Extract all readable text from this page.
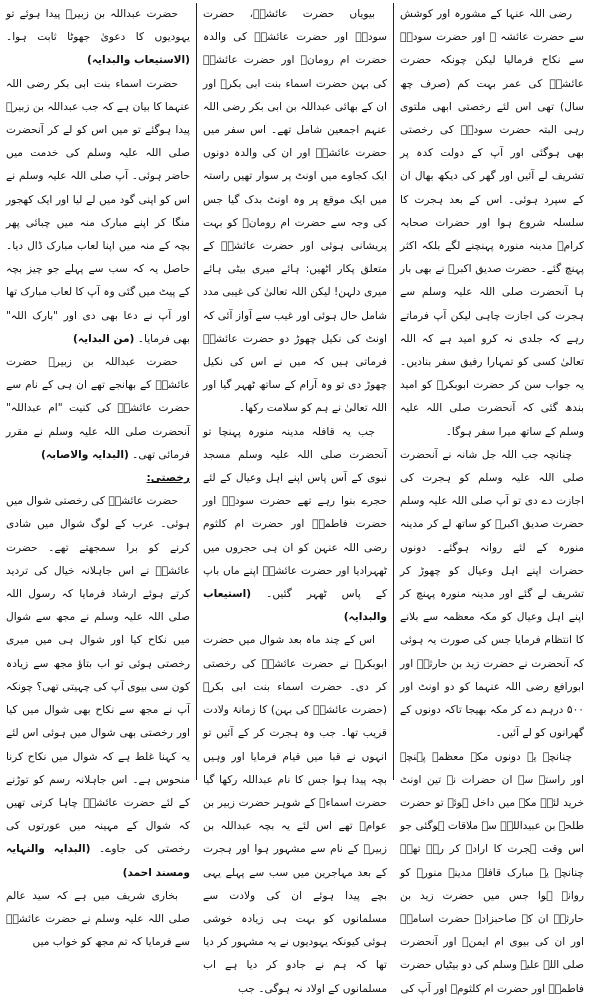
رضی اللہ عنہا کے مشورہ اور کوشش سے حضرت عائشہ ؓ اور حضرت سودہؓ سے نکاح فرمالیا لیکن چونکہ حضرت عائشہؓ کی عمر بہت کم (صرف چھ سال) تھی اس لئے رخصتی ابھی ملتوی رہی البتہ حضرت سودہؓ کی رخصتی بھی ہوگئی اور آپ کے دولت کدہ پر تشریف لے آئیں اور گھر کی دیکھ بھال ان کے سپرد ہوئی۔ اس کے بعد ہجرت کا سلسلہ شروع ہوا اور حضرات صحابہ کرامؓ مدینہ منورہ پہنچنے لگے بلکہ اکثر پہنچ گئے۔ حضرت صدیق اکبرؓ نے بھی بار ہا آنحضرت صلی اللہ علیہ وسلم سے ہجرت کی اجازت چاہی لیکن آپ فرماتے رہے کہ جلدی نہ کرو امید ہے کہ اللہ تعالیٰ کسی کو تمہارا رفیق سفر بنادیں۔ یہ جواب سن کر حضرت ابوبکرؓ کو امید بندھ گئی کہ آنحضرت صلی اللہ علیہ وسلم کے ساتھ میرا سفر ہوگا۔

چنانچہ جب اللہ جل شانہ نے آنحضرت صلی اللہ علیہ وسلم کو ہجرت کی اجازت دے دی تو آپ صلی اللہ علیہ وسلم حضرت صدیق اکبرؓ کو ساتھ لے کر مدینہ منورہ کے لئے روانہ ہوگئے۔ دونوں حضرات اپنے اہل وعیال کو چھوڑ کر تشریف لے گئے اور مدینہ منورہ پہنچ کر اپنے اہل وعیال کو مکہ معظمہ سے بلانے کا انتظام فرمایا جس کی صورت یہ ہوئی کہ آنحضرت نے حضرت زید بن حارثہؓ اور ابورافع رضی اللہ عنہما کو دو اونٹ اور ۵۰۰ درہم دے کر مکہ بھیجا تاکہ دونوں کے گھرانوں کو لے آئیں۔

چنانچہ یہ دونوں مکہ معظمہ پہنچے اور راستے سے ان حضرات نے تین اونٹ خرید لئے۔ مکہ میں داخل ہوئے تو حضرت طلحہ بن عبیداللہؓ سے ملاقات ہوگئی جو اس وقت ہجرت کا ارادہ کر رہے تھے۔ چنانچہ یہ مبارک قافلہ مدینہ منورہ کو روانہ ہوا جس میں حضرت زید بن حارثہؓ ان کے صاحبزادے حضرت اسامہؓ اور ان کی بیوی ام ایمنؓ اور آنحضرت صلی اللہ علیہ وسلم کی دو بیٹیاں حضرت فاطمہؓ اور حضرت ام کلثومؓ اور آپ کی

بیویاں حضرت عائشہؓ، حضرت سودہؓ اور حضرت عائشہؓ کی والدہ حضرت ام رومانؓ اور حضرت عائشہؓ کی بہن حضرت اسماء بنت ابی بکرؓ اور ان کے بھائی عبداللہ بن ابی بکر رضی اللہ عنہم اجمعین شامل تھے۔ اس سفر میں حضرت عائشہؓ اور ان کی والدہ دونوں ایک کجاوے میں اونٹ پر سوار تھیں راستہ میں ایک موقع پر وہ اونٹ بدک گیا جس کی وجہ سے حضرت ام رومانؓ کو بہت پریشانی ہوئی اور حضرت عائشہؓ کے متعلق پکار اٹھیں: ہائے میری بیٹی ہائے میری دلہن! لیکن اللہ تعالیٰ کی غیبی مدد شامل حال ہوئی اور غیب سے آواز آئی کہ اونٹ کی نکیل چھوڑ دو حضرت عائشہؓ فرماتی ہیں کہ میں نے اس کی نکیل چھوڑ دی تو وہ آرام کے ساتھ ٹھہر گیا اور اللہ تعالیٰ نے ہم کو سلامت رکھا۔

جب یہ قافلہ مدینہ منورہ پہنچا تو آنحضرت صلی اللہ علیہ وسلم مسجد نبوی کے آس پاس اپنے اہل وعیال کے لئے حجرے بنوا رہے تھے حضرت سودہؓ اور حضرت فاطمہؓ اور حضرت ام کلثوم رضی اللہ عنہن کو ان ہی حجروں میں ٹھہرادیا اور حضرت عائشہؓ اپنے ماں باپ کے پاس ٹھہر گئیں۔ (استیعاب والبدایہ)

اس کے چند ماہ بعد شوال میں حضرت ابوبکرؓ نے حضرت عائشہؓ کی رخصتی کر دی۔ حضرت اسماء بنت ابی بکرؓ (حضرت عائشہؓ کی بہن) کا زمانۂ ولادت قریب تھا۔ جب وہ ہجرت کر کے آئیں تو انہوں نے قبا میں قیام فرمایا اور وہیں بچہ پیدا ہوا جس کا نام عبداللہ رکھا گیا حضرت اسماءؓ کے شوہر حضرت زبیر بن عوامؓ تھے اس لئے یہ بچہ عبداللہ بن زبیرؓ کے نام سے مشہور ہوا اور ہجرت کے بعد مہاجرین میں سب سے پہلے یہی بچے پیدا ہوئے ان کی ولادت سے مسلمانوں کو بہت ہی زیادہ خوشی ہوئی کیونکہ یہودیوں نے یہ مشہور کر دیا تھا کہ ہم نے جادو کر دیا ہے اب مسلمانوں کے اولاد نہ ہوگی۔ جب

حضرت عبداللہ بن زبیرؓ پیدا ہوئے تو یہودیوں کا دعویٰ جھوٹا ثابت ہوا۔ (الاستیعاب والبدایہ)

حضرت اسماء بنت ابی بکر رضی اللہ عنہما کا بیان ہے کہ جب عبداللہ بن زبیرؓ پیدا ہوگئے تو میں اس کو لے کر آنحضرت صلی اللہ علیہ وسلم کی خدمت میں حاضر ہوئی۔ آپ صلی اللہ علیہ وسلم نے اس کو اپنی گود میں لے لیا اور ایک کھجور منگا کر اپنے مبارک منہ میں چبائی پھر بچہ کے منہ میں اپنا لعاب مبارک ڈال دیا۔ حاصل یہ کہ سب سے پہلے جو چیز بچہ کے پیٹ میں گئی وہ آپ کا لعاب مبارک تھا اور آپ نے دعا بھی دی اور "بارک اللہ" بھی فرمایا۔ (من البدایہ)

حضرت عبداللہ بن زبیرؓ حضرت عائشہؓ کے بھانجے تھے ان ہی کے نام سے حضرت عائشہؓ کی کنیت "ام عبداللہ" آنحضرت صلی اللہ علیہ وسلم نے مقرر فرمائی تھی۔ (البدایہ والاصابہ)

رخصتی:

حضرت عائشہؓ کی رخصتی شوال میں ہوئی۔ عرب کے لوگ شوال میں شادی کرنے کو برا سمجھتے تھے۔ حضرت عائشہؓ نے اس جاہلانہ خیال کی تردید کرتے ہوئے ارشاد فرمایا کہ رسول اللہ صلی اللہ علیہ وسلم نے مجھ سے شوال میں نکاح کیا اور شوال ہی میں میری رخصتی ہوئی تو اب بتاؤ مجھ سے زیادہ کون سی بیوی آپ کی چہیتی تھی؟ چونکہ آپ نے مجھ سے نکاح بھی شوال میں کیا اور رخصتی بھی شوال میں ہوئی اس لئے یہ کہنا غلط ہے کہ شوال میں نکاح کرنا منحوس ہے۔ اس جاہلانہ رسم کو توڑنے کے لئے حضرت عائشہؓ چاہا کرتی تھیں کہ شوال کے مہینہ میں عورتوں کی رخصتی کی جاوے۔ (البدایہ والنہایہ ومسند احمد)

بخاری شریف میں ہے کہ سید عالم صلی اللہ علیہ وسلم نے حضرت عائشہؓ سے فرمایا کہ تم مجھ کو خواب میں
